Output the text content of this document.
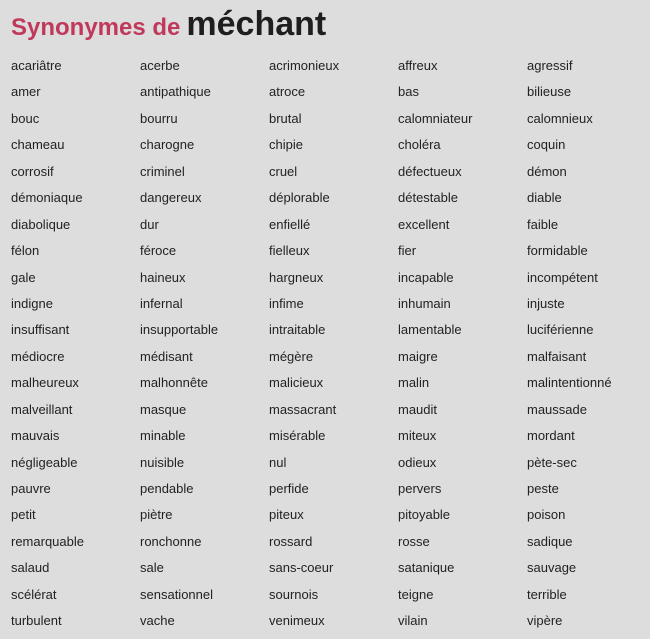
Synonymes de méchant
acariâtre	acerbe	acrimonieux	affreux	agressif
amer	antipathique	atroce	bas	bilieuse
bouc	bourru	brutal	calomniateur	calomnieux
chameau	charogne	chipie	choléra	coquin
corrosif	criminel	cruel	défectueux	démon
démoniaque	dangereux	déplorable	détestable	diable
diabolique	dur	enfiellé	excellent	faible
félon	féroce	fielleux	fier	formidable
gale	haineux	hargneux	incapable	incompétent
indigne	infernal	infime	inhumain	injuste
insuffisant	insupportable	intraitable	lamentable	luciférienne
médiocre	médisant	mégère	maigre	malfaisant
malheureux	malhonnête	malicieux	malin	malintentionné
malveillant	masque	massacrant	maudit	maussade
mauvais	minable	misérable	miteux	mordant
négligeable	nuisible	nul	odieux	pète-sec
pauvre	pendable	perfide	pervers	peste
petit	piètre	piteux	pitoyable	poison
remarquable	ronchonne	rossard	rosse	sadique
salaud	sale	sans-coeur	satanique	sauvage
scélérat	sensationnel	sournois	teigne	terrible
turbulent	vache	venimeux	vilain	vipère
